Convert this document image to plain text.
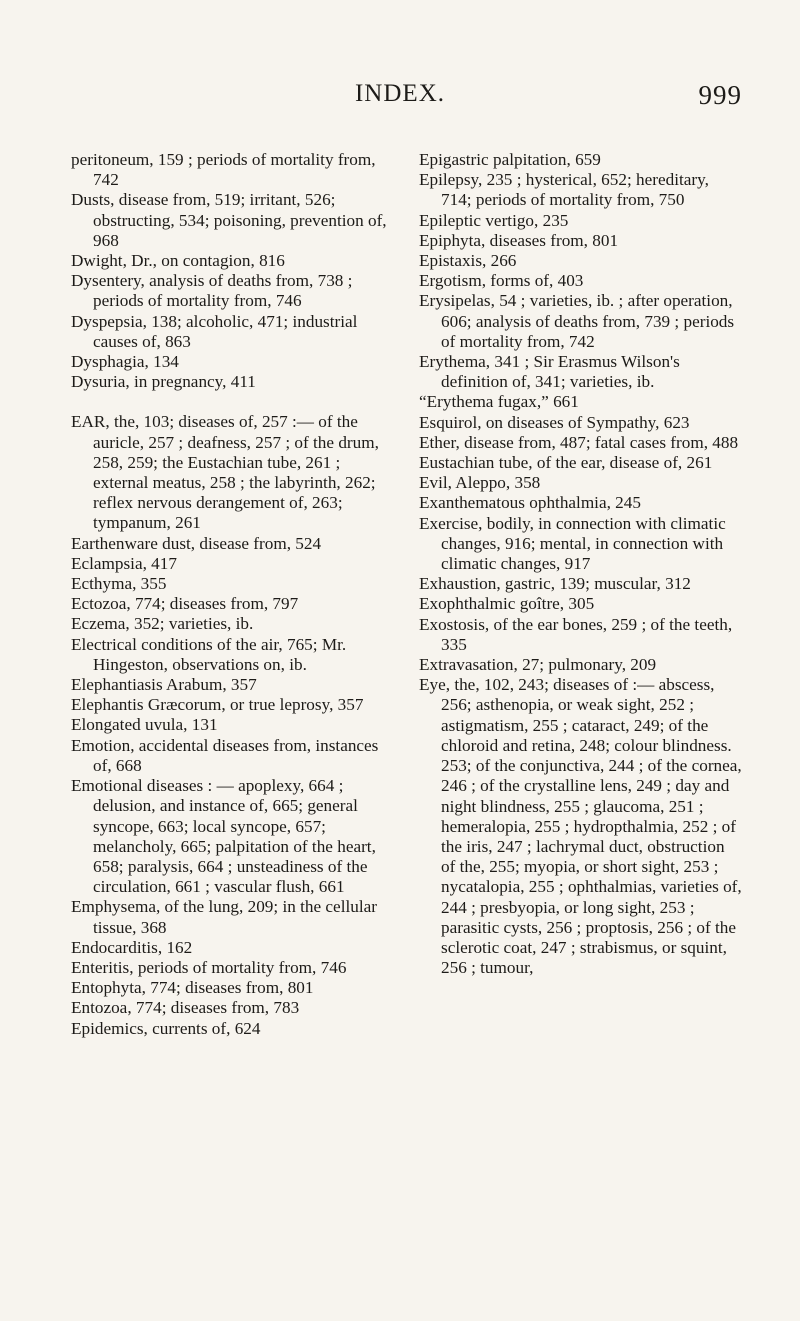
INDEX.	999
peritoneum, 159 ; periods of mortality from, 742
Dusts, disease from, 519; irritant, 526; obstructing, 534; poisoning, prevention of, 968
Dwight, Dr., on contagion, 816
Dysentery, analysis of deaths from, 738 ; periods of mortality from, 746
Dyspepsia, 138; alcoholic, 471; industrial causes of, 863
Dysphagia, 134
Dysuria, in pregnancy, 411
EAR, the, 103; diseases of, 257 :— of the auricle, 257 ; deafness, 257 ; of the drum, 258, 259; the Eustachian tube, 261 ; external meatus, 258 ; the labyrinth, 262; reflex nervous derangement of, 263; tympanum, 261
Earthenware dust, disease from, 524
Eclampsia, 417
Ecthyma, 355
Ectozoa, 774; diseases from, 797
Eczema, 352; varieties, ib.
Electrical conditions of the air, 765; Mr. Hingeston, observations on, ib.
Elephantiasis Arabum, 357
Elephantis Græcorum, or true leprosy, 357
Elongated uvula, 131
Emotion, accidental diseases from, instances of, 668
Emotional diseases : — apoplexy, 664 ; delusion, and instance of, 665; general syncope, 663; local syncope, 657; melancholy, 665; palpitation of the heart, 658; paralysis, 664 ; unsteadiness of the circulation, 661 ; vascular flush, 661
Emphysema, of the lung, 209; in the cellular tissue, 368
Endocarditis, 162
Enteritis, periods of mortality from, 746
Entophyta, 774; diseases from, 801
Entozoa, 774; diseases from, 783
Epidemics, currents of, 624
Epigastric palpitation, 659
Epilepsy, 235 ; hysterical, 652; hereditary, 714; periods of mortality from, 750
Epileptic vertigo, 235
Epiphyta, diseases from, 801
Epistaxis, 266
Ergotism, forms of, 403
Erysipelas, 54 ; varieties, ib. ; after operation, 606; analysis of deaths from, 739 ; periods of mortality from, 742
Erythema, 341 ; Sir Erasmus Wilson's definition of, 341; varieties, ib.
“Erythema fugax,” 661
Esquirol, on diseases of Sympathy, 623
Ether, disease from, 487; fatal cases from, 488
Eustachian tube, of the ear, disease of, 261
Evil, Aleppo, 358
Exanthematous ophthalmia, 245
Exercise, bodily, in connection with climatic changes, 916; mental, in connection with climatic changes, 917
Exhaustion, gastric, 139; muscular, 312
Exophthalmic goître, 305
Exostosis, of the ear bones, 259 ; of the teeth, 335
Extravasation, 27; pulmonary, 209
Eye, the, 102, 243; diseases of :— abscess, 256; asthenopia, or weak sight, 252 ; astigmatism, 255 ; cataract, 249; of the chloroid and retina, 248; colour blindness. 253; of the conjunctiva, 244 ; of the cornea, 246 ; of the crystalline lens, 249 ; day and night blindness, 255 ; glaucoma, 251 ; hemeralopia, 255 ; hydropthalmia, 252 ; of the iris, 247 ; lachrymal duct, obstruction of the, 255; myopia, or short sight, 253 ; nycatalopia, 255 ; ophthalmias, varieties of, 244 ; presbyopia, or long sight, 253 ; parasitic cysts, 256 ; proptosis, 256 ; of the sclerotic coat, 247 ; strabismus, or squint, 256 ; tumour,
